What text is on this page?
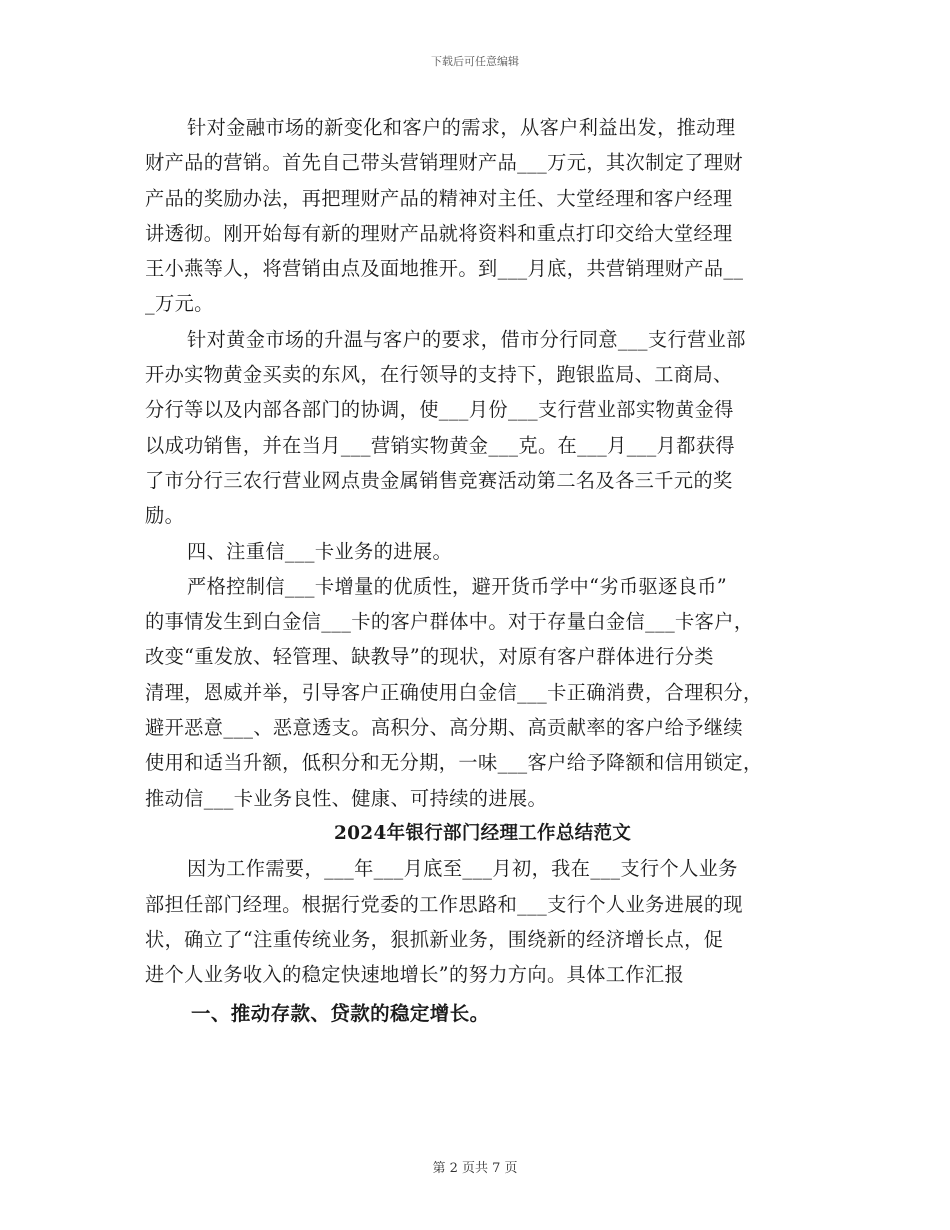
下载后可任意编辑
针对金融市场的新变化和客户的需求，从客户利益出发，推动理
财产品的营销。首先自己带头营销理财产品___万元，其次制定了理财
产品的奖励办法，再把理财产品的精神对主任、大堂经理和客户经理
讲透彻。刚开始每有新的理财产品就将资料和重点打印交给大堂经理
王小燕等人，将营销由点及面地推开。到___月底，共营销理财产品__
_万元。
针对黄金市场的升温与客户的要求，借市分行同意___支行营业部
开办实物黄金买卖的东风，在行领导的支持下，跑银监局、工商局、
分行等以及内部各部门的协调，使___月份___支行营业部实物黄金得
以成功销售，并在当月___营销实物黄金___克。在___月___月都获得
了市分行三农行营业网点贵金属销售竞赛活动第二名及各三千元的奖
励。
四、注重信___卡业务的进展。
严格控制信___卡增量的优质性，避开货币学中“劣币驱逐良币”
的事情发生到白金信___卡的客户群体中。对于存量白金信___卡客户，
改变“重发放、轻管理、缺教导”的现状，对原有客户群体进行分类
清理，恩威并举，引导客户正确使用白金信___卡正确消费，合理积分，
避开恶意___、恶意透支。高积分、高分期、高贡献率的客户给予继续
使用和适当升额，低积分和无分期，一味___客户给予降额和信用锁定，
推动信___卡业务良性、健康、可持续的进展。
2024年银行部门经理工作总结范文
因为工作需要，___年___月底至___月初，我在___支行个人业务
部担任部门经理。根据行党委的工作思路和___支行个人业务进展的现
状，确立了“注重传统业务，狠抓新业务，围绕新的经济增长点，促
进个人业务收入的稳定快速地增长”的努力方向。具体工作汇报
一、推动存款、贷款的稳定增长。
第 2 页共 7 页
